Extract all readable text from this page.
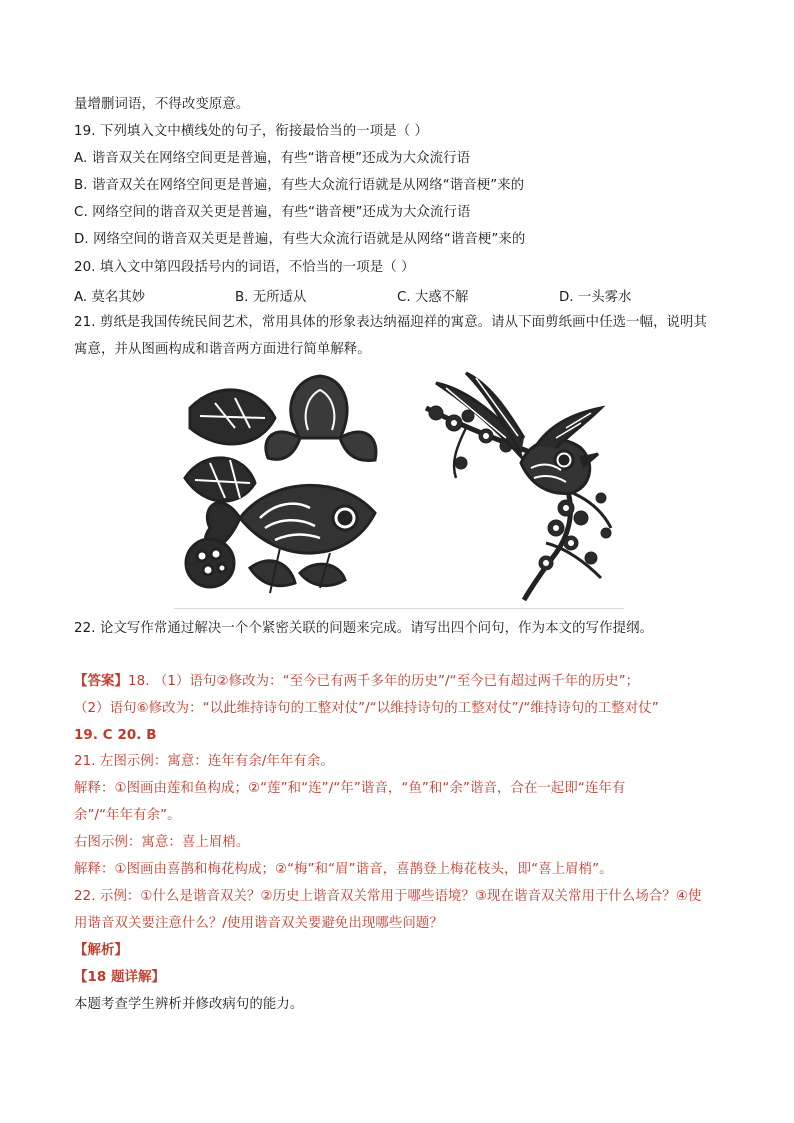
量增删词语，不得改变原意。
19. 下列填入文中横线处的句子，衔接最恰当的一项是（ ）
A. 谐音双关在网络空间更是普遍，有些“谐音梗”还成为大众流行语
B. 谐音双关在网络空间更是普遍，有些大众流行语就是从网络“谐音梗”来的
C. 网络空间的谐音双关更是普遍，有些“谐音梗”还成为大众流行语
D. 网络空间的谐音双关更是普遍，有些大众流行语就是从网络“谐音梗”来的
20. 填入文中第四段括号内的词语，不恰当的一项是（ ）
A. 莫名其妙	B. 无所适从	C. 大惑不解	D. 一头雾水
21. 剪纸是我国传统民间艺术，常用具体的形象表达纳福迎祥的寓意。请从下面剪纸画中任选一幅，说明其
寓意，并从图画构成和谐音两方面进行简单解释。
22. 论文写作常通过解决一个个紧密关联的问题来完成。请写出四个问句，作为本文的写作提纲。
【答案】18. （1）语句②修改为：“至今已有两千多年的历史”/“至今已有超过两千年的历史”；
（2）语句⑥修改为：“以此维持诗句的工整对仗”/“以维持诗句的工整对仗”/“维持诗句的工整对仗”
19. C 20. B
21. 左图示例：寓意：连年有余/年年有余。
解释：①图画由莲和鱼构成；②“莲”和“连”/“年”谐音，“鱼”和“余”谐音，合在一起即“连年有
余”/“年年有余”。
右图示例：寓意：喜上眉梢。
解释：①图画由喜鹊和梅花构成；②“梅”和“眉”谐音，喜鹊登上梅花枝头，即“喜上眉梢”。
22. 示例：①什么是谐音双关？②历史上谐音双关常用于哪些语境？③现在谐音双关常用于什么场合？④使
用谐音双关要注意什么？/使用谐音双关要避免出现哪些问题？
【解析】
【18 题详解】
本题考查学生辨析并修改病句的能力。
